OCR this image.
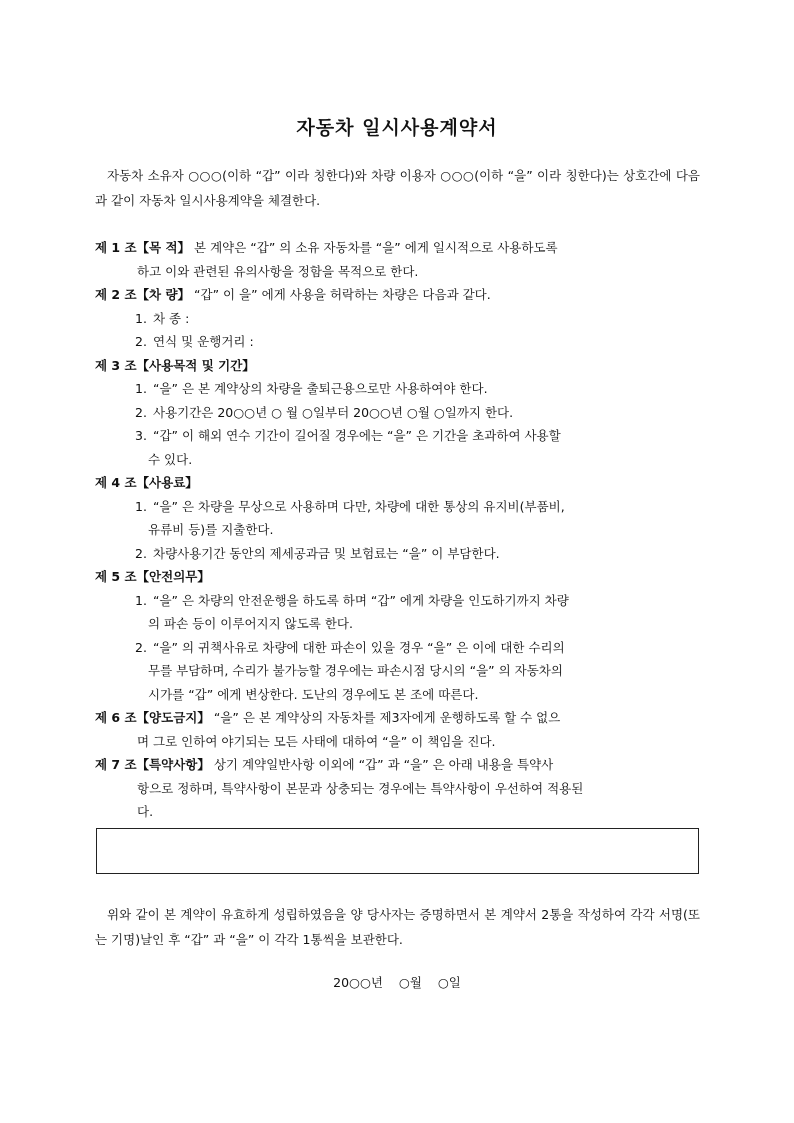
자동차 일시사용계약서
자동차 소유자 ○○○(이하 “갑” 이라 칭한다)와 차량 이용자 ○○○(이하 “을” 이라 칭한다)는 상호간에 다음과 같이 자동차 일시사용계약을 체결한다.
제 1 조【목 적】 본 계약은 “갑” 의 소유 자동차를 “을” 에게 일시적으로 사용하도록
하고 이와 관련된 유의사항을 정함을 목적으로 한다.
제 2 조【차 량】 “갑” 이 을” 에게 사용을 허락하는 차량은 다음과 같다.
1. 차 종 :
2. 연식 및 운행거리 :
제 3 조【사용목적 및 기간】
1. “을” 은 본 계약상의 차량을 출퇴근용으로만 사용하여야 한다.
2. 사용기간은 20○○년 ○ 월 ○일부터 20○○년 ○월 ○일까지 한다.
3. “갑” 이 해외 연수 기간이 길어질 경우에는 “을” 은 기간을 초과하여 사용할
수 있다.
제 4 조【사용료】
1. “을” 은 차량을 무상으로 사용하며 다만, 차량에 대한 통상의 유지비(부품비,
유류비 등)를 지출한다.
2. 차량사용기간 동안의 제세공과금 및 보험료는 “을” 이 부담한다.
제 5 조【안전의무】
1. “을” 은 차량의 안전운행을 하도록 하며 “갑” 에게 차량을 인도하기까지 차량
의 파손 등이 이루어지지 않도록 한다.
2. “을” 의 귀책사유로 차량에 대한 파손이 있을 경우 “을” 은 이에 대한 수리의
무를 부담하며, 수리가 불가능할 경우에는 파손시점 당시의 “을” 의 자동차의
시가를 “갑” 에게 변상한다. 도난의 경우에도 본 조에 따른다.
제 6 조【양도금지】 “을” 은 본 계약상의 자동차를 제3자에게 운행하도록 할 수 없으
며 그로 인하여 야기되는 모든 사태에 대하여 “을” 이 책임을 진다.
제 7 조【특약사항】 상기 계약일반사항 이외에 “갑” 과 “을” 은 아래 내용을 특약사
항으로 정하며, 특약사항이 본문과 상충되는 경우에는 특약사항이 우선하여 적용된
다.
위와 같이 본 계약이 유효하게 성립하였음을 양 당사자는 증명하면서 본 계약서 2통을 작성하여 각각 서명(또는 기명)날인 후 “갑” 과 “을” 이 각각 1통씩을 보관한다.
20○○년 ○월 ○일
